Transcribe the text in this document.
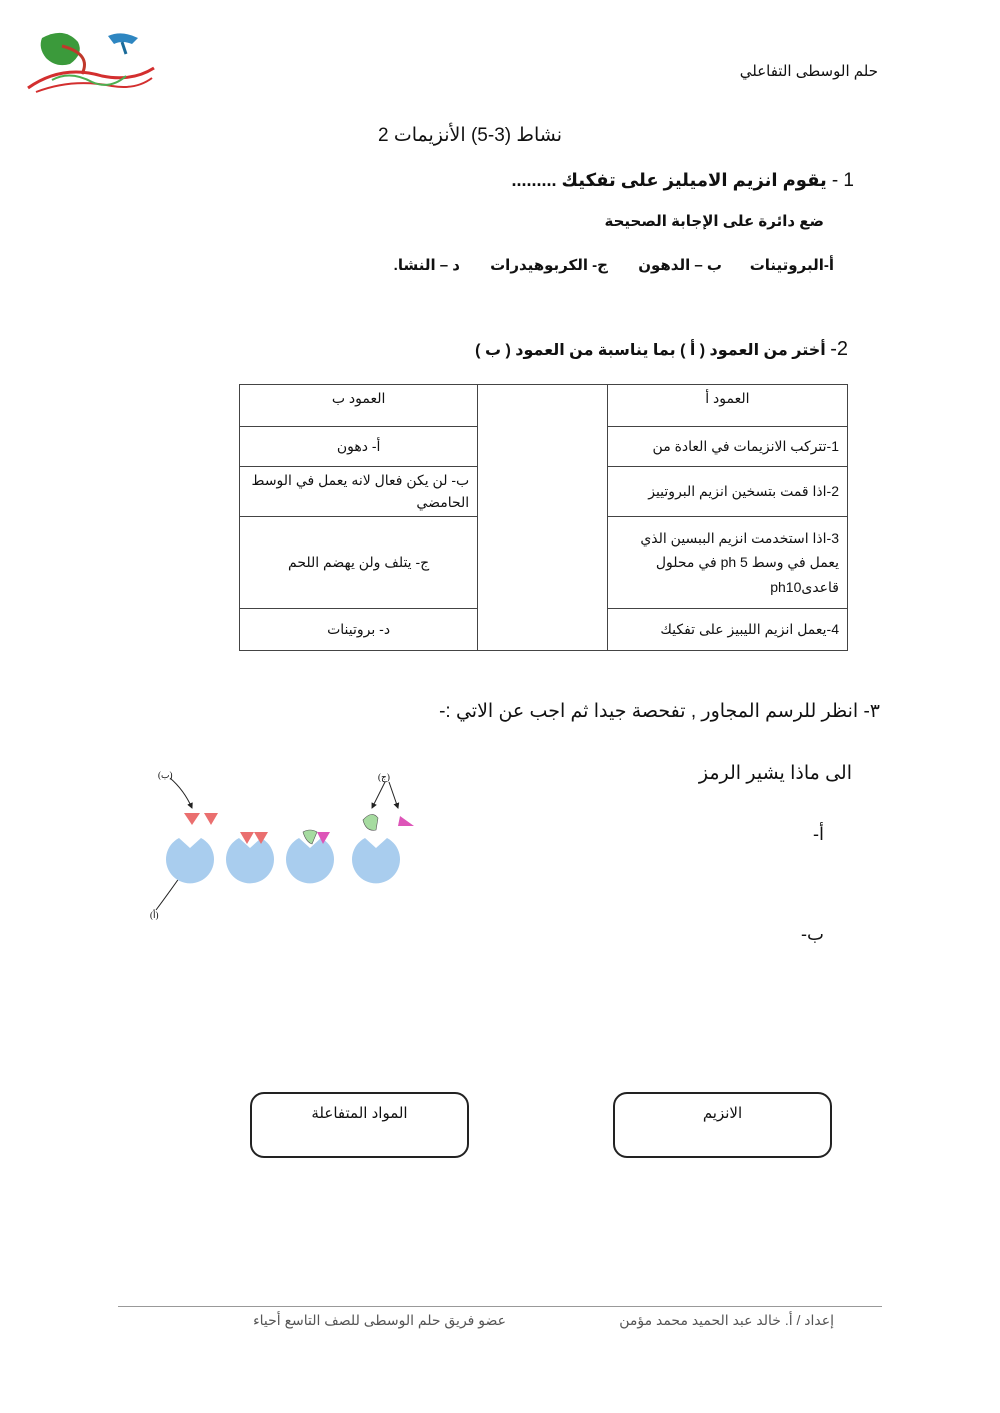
حلم الوسطى التفاعلي
نشاط (3-5) الأنزيمات 2
1 - يقوم انزيم الاميليز على تفكيك .........
ضع دائرة على الإجابة الصحيحة
أ-البروتينات
ب – الدهون
ج- الكربوهيدرات
د – النشا.
2- أختر من العمود ( أ ) بما يناسبة من العمود ( ب )
العمود أ		العمود ب
1-تتركب الانزيمات في العادة من		أ- دهون
2-اذا قمت بتسخين انزيم البروتييز		ب- لن يكن فعال لانه يعمل في الوسط الحامضي
3-اذا استخدمت انزيم الببسين الذي يعمل في وسط ph 5 في محلول قاعدىph10		ج- يتلف ولن يهضم اللحم
4-يعمل انزيم الليبيز على تفكيك		د- بروتينات
٣- انظر للرسم المجاور , تفحصة جيدا ثم اجب عن الاتي :-
الى ماذا يشير الرمز
أ-
ب-
(ب)	(ج)
(أ)
المواد المتفاعلة	الانزيم
إعداد / أ. خالد عبد الحميد محمد مؤمن
عضو فريق حلم الوسطى للصف التاسع أحياء
